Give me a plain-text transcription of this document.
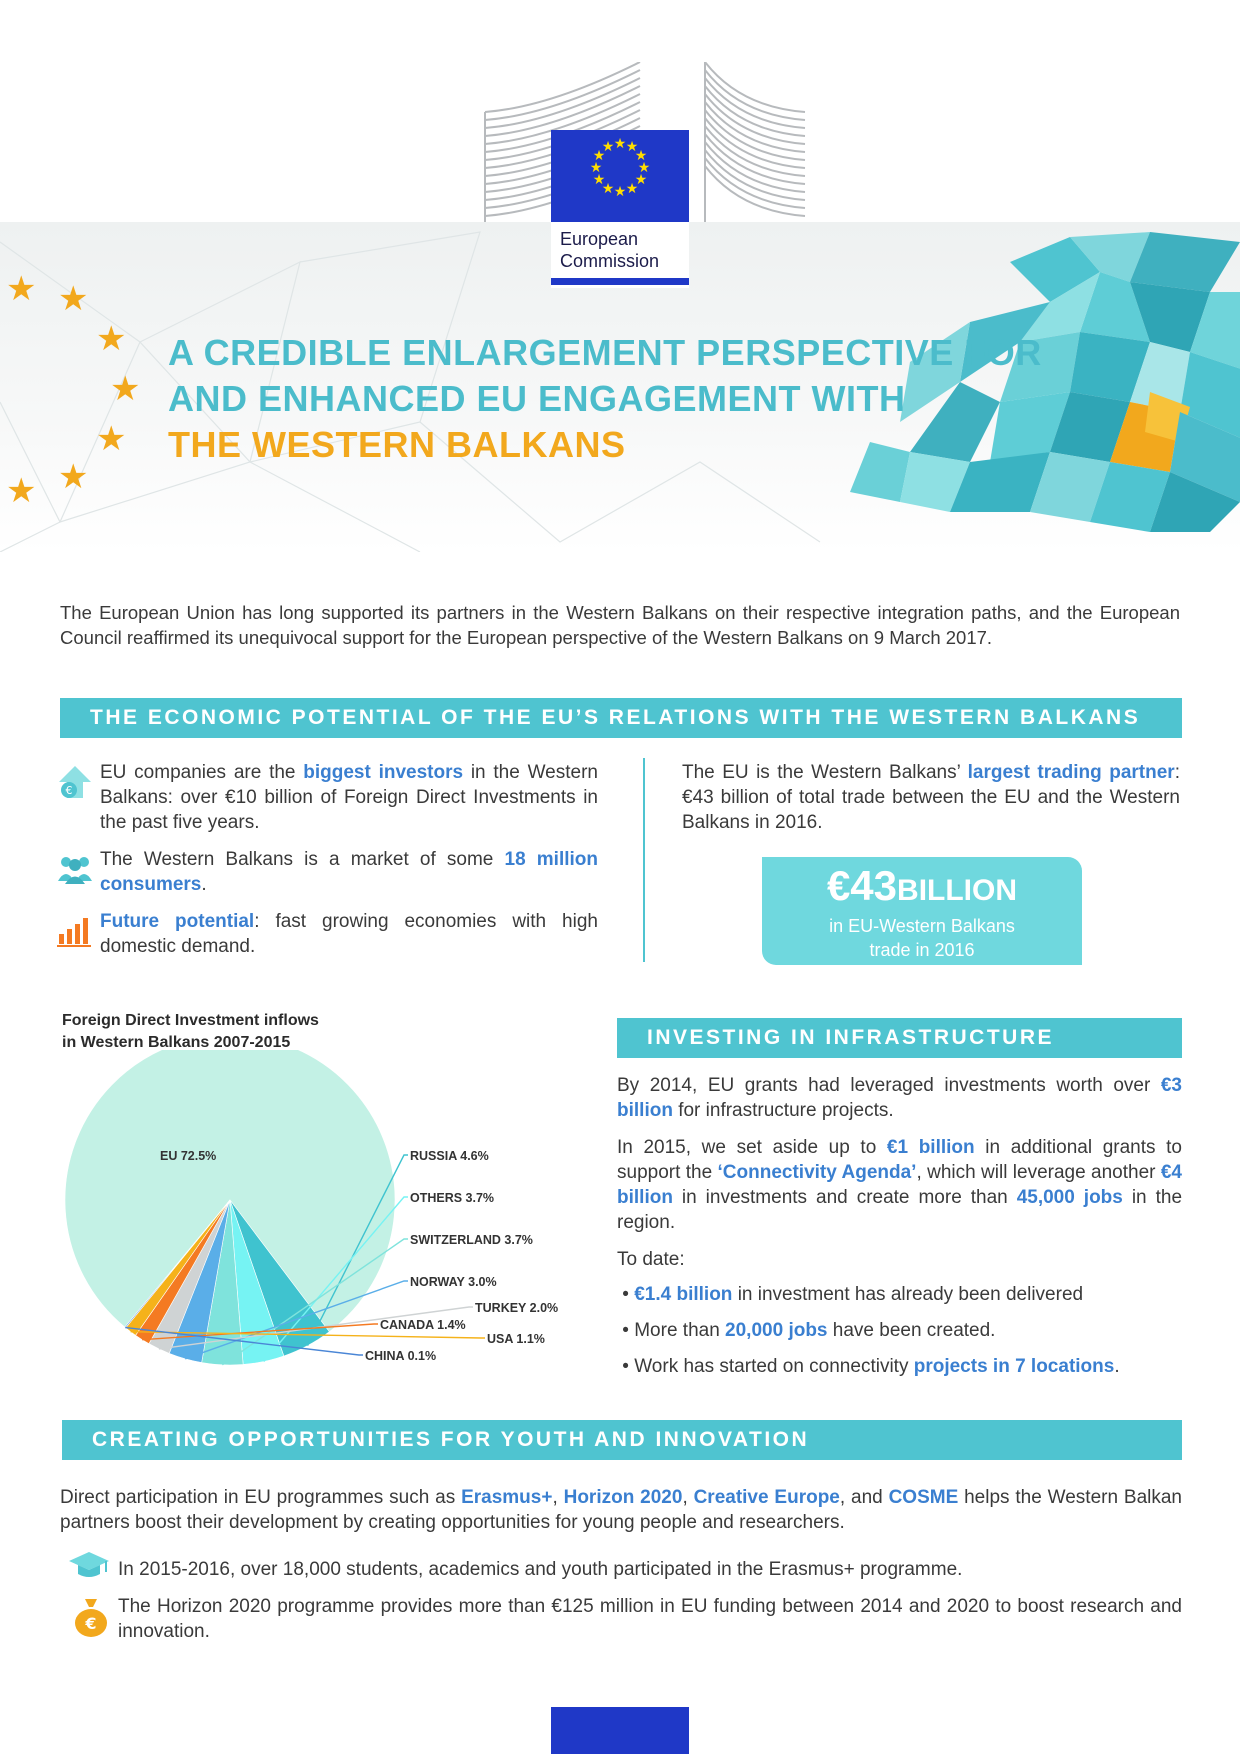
★ ★
★
★
★
★
★
★
★
★
★
★
European
Commission
★ ★
★
★
★
★
★
A CREDIBLE ENLARGEMENT PERSPECTIVE FOR
AND ENHANCED EU ENGAGEMENT WITH
THE WESTERN BALKANS

The European Union has long supported its partners in the Western Balkans on their respective integration paths, and the European Council reaffirmed its unequivocal support for the European perspective of the Western Balkans on 9 March 2017.

THE ECONOMIC POTENTIAL OF THE EU’S RELATIONS WITH THE WESTERN BALKANS
€

EU companies are the biggest investors in the Western Balkans: over €10 billion of Foreign Direct Investments in the past five years.

The Western Balkans is a market of some 18 million consumers.

Future potential: fast growing economies with high domestic demand.

The EU is the Western Balkans’ largest trading partner: €43 billion of total trade between the EU and the Western Balkans in 2016.
€43BILLION
in EU-Western Balkans
trade in 2016
Foreign Direct Investment inflows
in Western Balkans 2007-2015
EU 72.5%	RUSSIA 4.6%
OTHERS 3.7%
SWITZERLAND 3.7%
NORWAY 3.0%
TURKEY 2.0%
CANADA 1.4%
USA 1.1%
CHINA 0.1%
INVESTING IN INFRASTRUCTURE

By 2014, EU grants had leveraged investments worth over €3 billion for infrastructure projects.

In 2015, we set aside up to €1 billion in additional grants to support the ‘Connectivity Agenda’, which will leverage another €4 billion in investments and create more than 45,000 jobs in the region.

To date:

• €1.4 billion in investment has already been delivered
• More than 20,000 jobs have been created.
• Work has started on connectivity projects in 7 locations.
CREATING OPPORTUNITIES FOR YOUTH AND INNOVATION

Direct participation in EU programmes such as Erasmus+, Horizon 2020, Creative Europe, and COSME helps the Western Balkan partners boost their development by creating opportunities for young people and researchers.

In 2015-2016, over 18,000 students, academics and youth participated in the Erasmus+ programme.
€
The Horizon 2020 programme provides more than €125 million in EU funding between 2014 and 2020 to boost research and innovation.
